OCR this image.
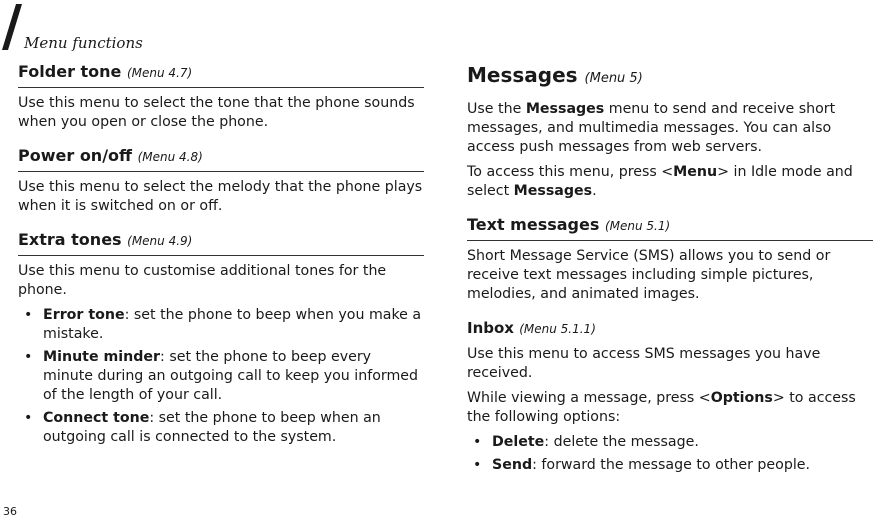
Menu functions
Folder tone (Menu 4.7)

Use this menu to select the tone that the phone sounds when you open or close the phone.

Power on/off (Menu 4.8)

Use this menu to select the melody that the phone plays when it is switched on or off.

Extra tones (Menu 4.9)

Use this menu to customise additional tones for the phone.

• Error tone: set the phone to beep when you make a mistake.
• Minute minder: set the phone to beep every minute during an outgoing call to keep you informed of the length of your call.
• Connect tone: set the phone to beep when an outgoing call is connected to the system.
Messages (Menu 5)

Use the Messages menu to send and receive short messages, and multimedia messages. You can also access push messages from web servers.

To access this menu, press <Menu> in Idle mode and select Messages.

Text messages (Menu 5.1)

Short Message Service (SMS) allows you to send or receive text messages including simple pictures, melodies, and animated images.

Inbox (Menu 5.1.1)

Use this menu to access SMS messages you have received.

While viewing a message, press <Options> to access the following options:

• Delete: delete the message.
• Send: forward the message to other people.
36
